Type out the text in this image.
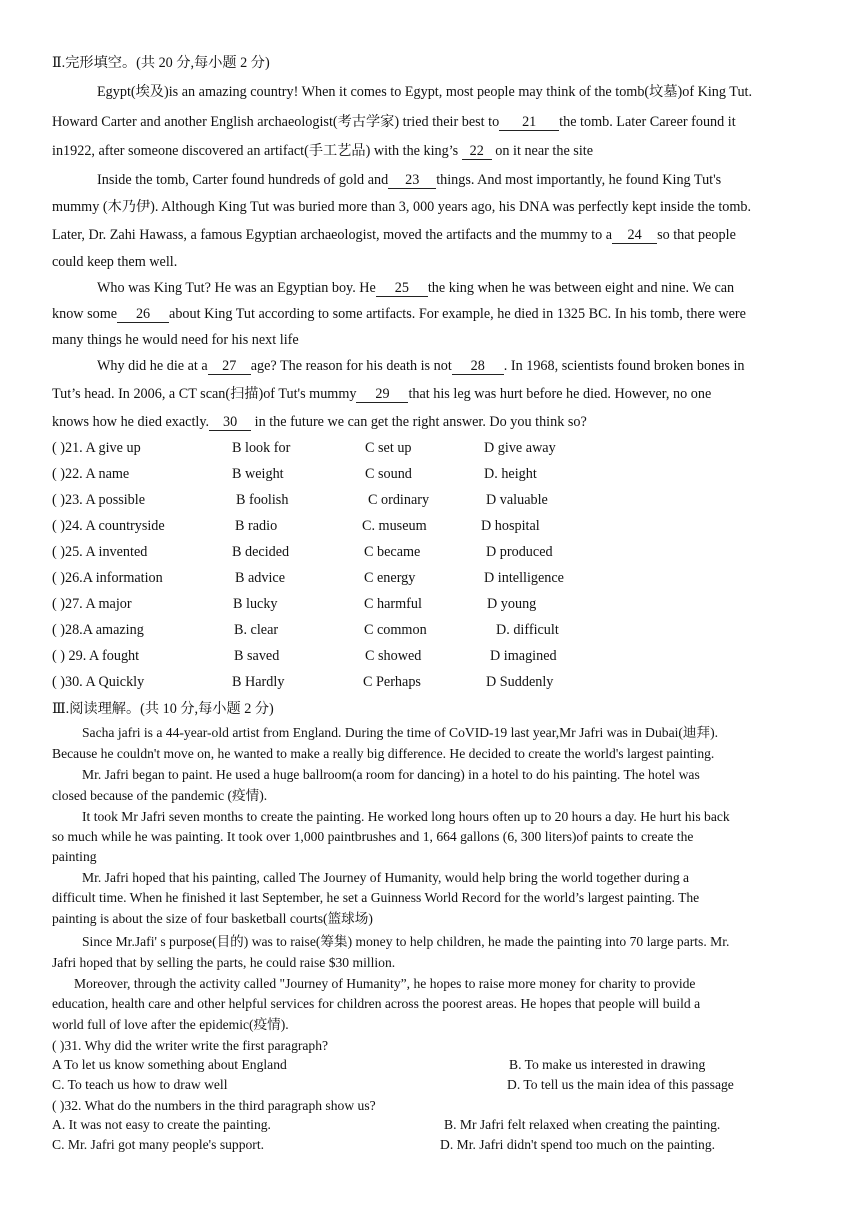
Ⅱ.完形填空。(共 20 分,每小题 2 分)
Egypt(埃及)is an amazing country! When it comes to Egypt, most people may think of the tomb(坟墓)of King Tut.
Howard Carter and another English archaeologist(考古学家) tried their best to 21 the tomb. Later Career found it
in1922, after someone discovered an artifact(手工艺品) with the king’s 22 on it near the site
Inside the tomb, Carter found hundreds of gold and 23 things. And most importantly, he found King Tut's
mummy (木乃伊). Although King Tut was buried more than 3, 000 years ago, his DNA was perfectly kept inside the tomb.
Later, Dr. Zahi Hawass, a famous Egyptian archaeologist, moved the artifacts and the mummy to a 24 so that people
could keep them well.
Who was King Tut? He was an Egyptian boy. He 25 the king when he was between eight and nine. We can
know some 26 about King Tut according to some artifacts. For example, he died in 1325 BC. In his tomb, there were
many things he would need for his next life
Why did he die at a 27 age? The reason for his death is not 28 . In 1968, scientists found broken bones in
Tut’s head. In 2006, a CT scan(扫描)of Tut's mummy 29 that his leg was hurt before he died. However, no one
knows how he died exactly. 30 in the future we can get the right answer. Do you think so?
( )21. A give up	B look for	C set up	D give away
( )22. A name	B weight	C sound	D. height
( )23. A possible	B foolish	C ordinary	D valuable
( )24. A countryside	B radio	C. museum	D hospital
( )25. A invented	B decided	C became	D produced
( )26.A information	B advice	C energy	D intelligence
( )27. A major	B lucky	C harmful	D young
( )28.A amazing	B. clear	C common	D. difficult
( ) 29. A fought	B saved	C showed	D imagined
( )30. A Quickly	B Hardly	C Perhaps	D Suddenly
Ⅲ.阅读理解。(共 10 分,每小题 2 分)
Sacha jafri is a 44-year-old artist from England. During the time of CoVID-19 last year,Mr Jafri was in Dubai(迪拜).
Because he couldn't move on, he wanted to make a really big difference. He decided to create the world's largest painting.
Mr. Jafri began to paint. He used a huge ballroom(a room for dancing) in a hotel to do his painting. The hotel was
closed because of the pandemic (疫情).
It took Mr Jafri seven months to create the painting. He worked long hours often up to 20 hours a day. He hurt his back
so much while he was painting. It took over 1,000 paintbrushes and 1, 664 gallons (6, 300 liters)of paints to create the
painting
Mr. Jafri hoped that his painting, called The Journey of Humanity, would help bring the world together during a
difficult time. When he finished it last September, he set a Guinness World Record for the world’s largest painting. The
painting is about the size of four basketball courts(篮球场)
Since Mr.Jafi' s purpose(目的) was to raise(筹集) money to help children, he made the painting into 70 large parts. Mr.
Jafri hoped that by selling the parts, he could raise $30 million.
Moreover, through the activity called "Journey of Humanity”, he hopes to raise more money for charity to provide
education, health care and other helpful services for children across the poorest areas. He hopes that people will build a
world full of love after the epidemic(疫情).
( )31. Why did the writer write the first paragraph?
A To let us know something about England	B. To make us interested in drawing
C. To teach us how to draw well	D. To tell us the main idea of this passage
( )32. What do the numbers in the third paragraph show us?
A. It was not easy to create the painting.	B. Mr Jafri felt relaxed when creating the painting.
C. Mr. Jafri got many people's support.	D. Mr. Jafri didn't spend too much on the painting.
